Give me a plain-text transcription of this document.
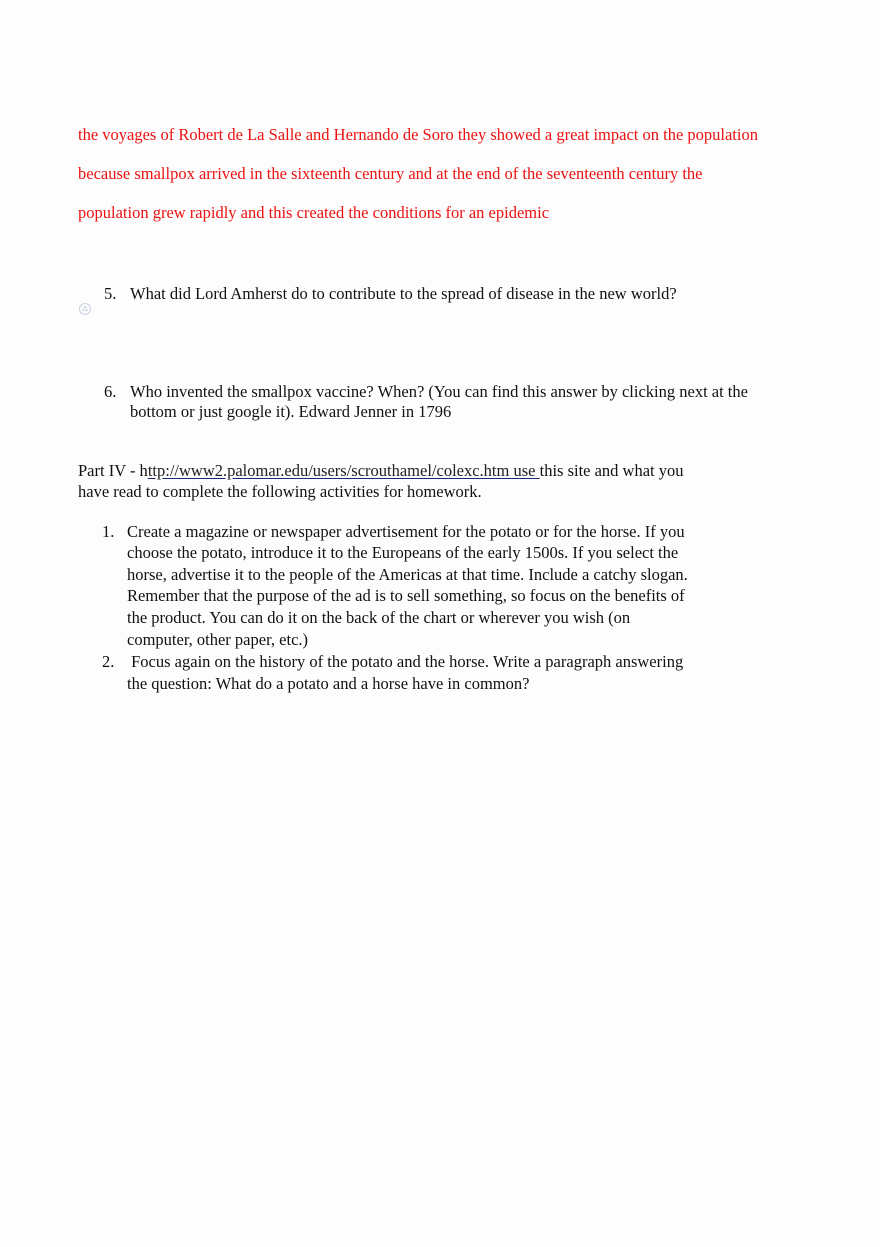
the voyages of Robert de La Salle and Hernando de Soro they showed a great impact on the population
because smallpox arrived in the sixteenth century and at the end of the seventeenth century the
population grew rapidly and this created the conditions for an epidemic
5. What did Lord Amherst do to contribute to the spread of disease in the new world?
6. Who invented the smallpox vaccine? When? (You can find this answer by clicking next at the
bottom or just google it). Edward Jenner in 1796
Part IV - http://www2.palomar.edu/users/scrouthamel/colexc.htm use this site and what you
have read to complete the following activities for homework.
1. Create a magazine or newspaper advertisement for the potato or for the horse. If you
choose the potato, introduce it to the Europeans of the early 1500s. If you select the
horse, advertise it to the people of the Americas at that time. Include a catchy slogan.
Remember that the purpose of the ad is to sell something, so focus on the benefits of
the product. You can do it on the back of the chart or wherever you wish (on
computer, other paper, etc.)
2. Focus again on the history of the potato and the horse. Write a paragraph answering
the question: What do a potato and a horse have in common?
